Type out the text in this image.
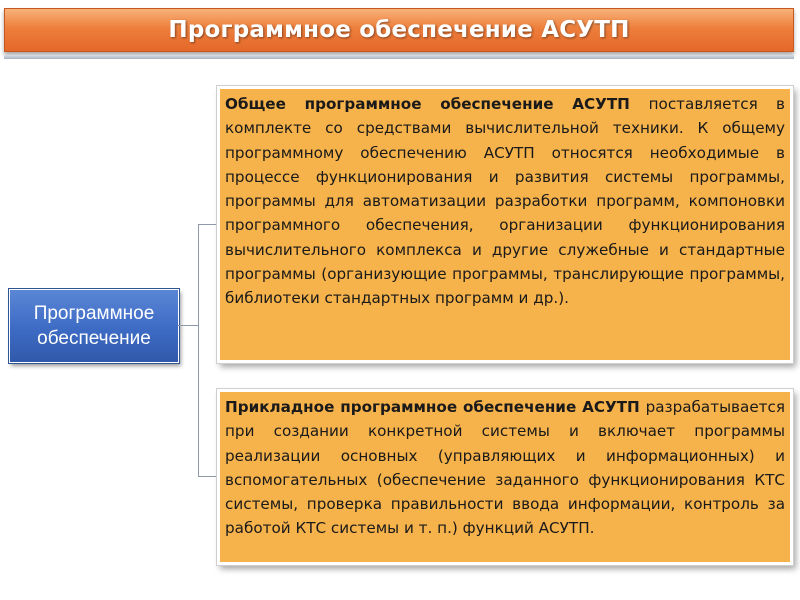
Программное обеспечение АСУТП
Программное обеспечение
Общее программное обеспечение АСУТП поставляется в комплекте со средствами вычислительной техники. К общему программному обеспечению АСУТП относятся необходимые в процессе функционирования и развития системы программы, программы для автоматизации разработки программ, компоновки программного обеспечения, организации функционирования вычислительного комплекса и другие служебные и стандартные программы (организующие программы, транслирующие программы, библиотеки стандартных программ и др.).
Прикладное программное обеспечение АСУТП разрабатывается при создании конкретной системы и включает программы реализации основных (управляющих и информационных) и вспомогательных (обеспечение заданного функционирования КТС системы, проверка правильности ввода информации, контроль за работой КТС системы и т. п.) функций АСУТП.
